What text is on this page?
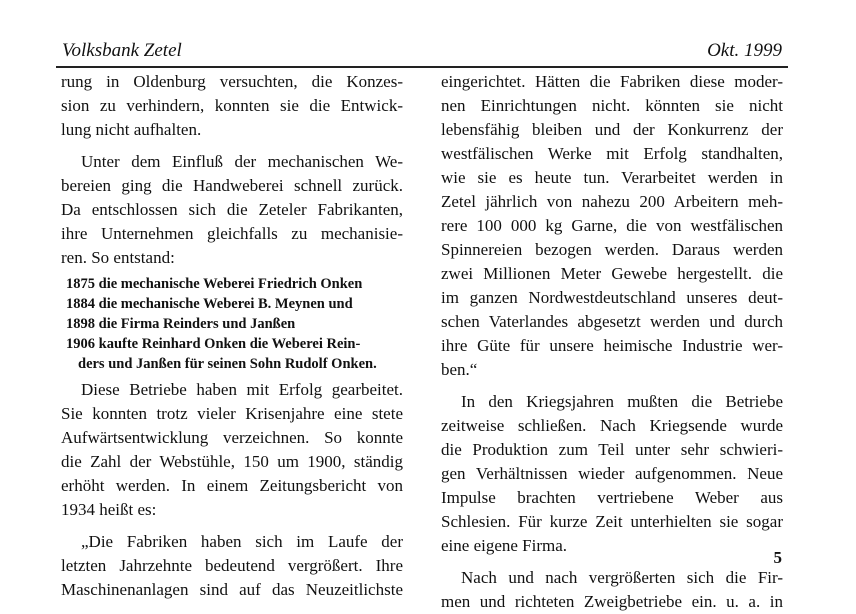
Volksbank Zetel	Okt. 1999
rung in Oldenburg versuchten, die Konzes-
sion zu verhindern, konnten sie die Entwick-
lung nicht aufhalten.
Unter dem Einfluß der mechanischen We-
bereien ging die Handweberei schnell zurück.
Da entschlossen sich die Zeteler Fabrikanten,
ihre Unternehmen gleichfalls zu mechanisie-
ren. So entstand:
1875 die mechanische Weberei Friedrich Onken
1884 die mechanische Weberei B. Meynen und
1898 die Firma Reinders und Janßen
1906 kaufte Reinhard Onken die Weberei Rein-
ders und Janßen für seinen Sohn Rudolf Onken.
Diese Betriebe haben mit Erfolg gearbeitet.
Sie konnten trotz vieler Krisenjahre eine stete
Aufwärtsentwicklung verzeichnen. So konnte
die Zahl der Webstühle, 150 um 1900, ständig
erhöht werden. In einem Zeitungsbericht von
1934 heißt es:
„Die Fabriken haben sich im Laufe der
letzten Jahrzehnte bedeutend vergrößert. Ihre
Maschinenanlagen sind auf das Neuzeitlichste
eingerichtet. Hätten die Fabriken diese moder-
nen Einrichtungen nicht. könnten sie nicht
lebensfähig bleiben und der Konkurrenz der
westfälischen Werke mit Erfolg standhalten,
wie sie es heute tun. Verarbeitet werden in
Zetel jährlich von nahezu 200 Arbeitern meh-
rere 100 000 kg Garne, die von westfälischen
Spinnereien bezogen werden. Daraus werden
zwei Millionen Meter Gewebe hergestellt. die
im ganzen Nordwestdeutschland unseres deut-
schen Vaterlandes abgesetzt werden und durch
ihre Güte für unsere heimische Industrie wer-
ben.“
In den Kriegsjahren mußten die Betriebe
zeitweise schließen. Nach Kriegsende wurde
die Produktion zum Teil unter sehr schwieri-
gen Verhältnissen wieder aufgenommen. Neue
Impulse brachten vertriebene Weber aus
Schlesien. Für kurze Zeit unterhielten sie sogar
eine eigene Firma.
Nach und nach vergrößerten sich die Fir-
men und richteten Zweigbetriebe ein. u. a. in
5
